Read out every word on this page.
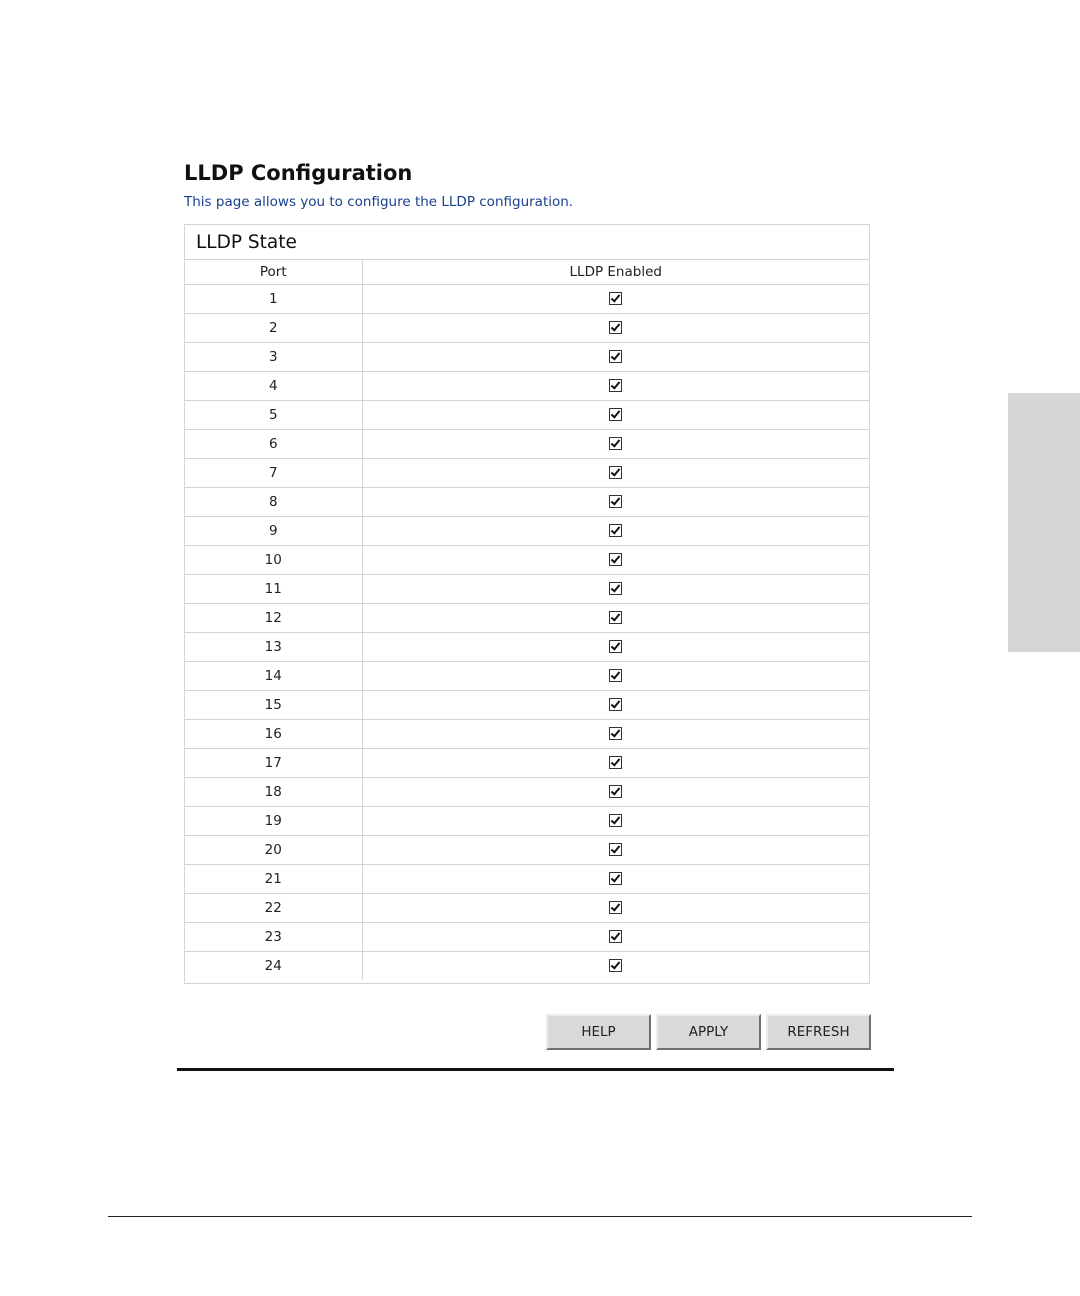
LLDP Configuration

This page allows you to configure the LLDP configuration.

LLDP State
Port	LLDP Enabled
1	
2	
3	
4	
5	
6	
7	
8	
9	
10	
11	
12	
13	
14	
15	
16	
17	
18	
19	
20	
21	
22	
23	
24	
HELP	APPLY	REFRESH
